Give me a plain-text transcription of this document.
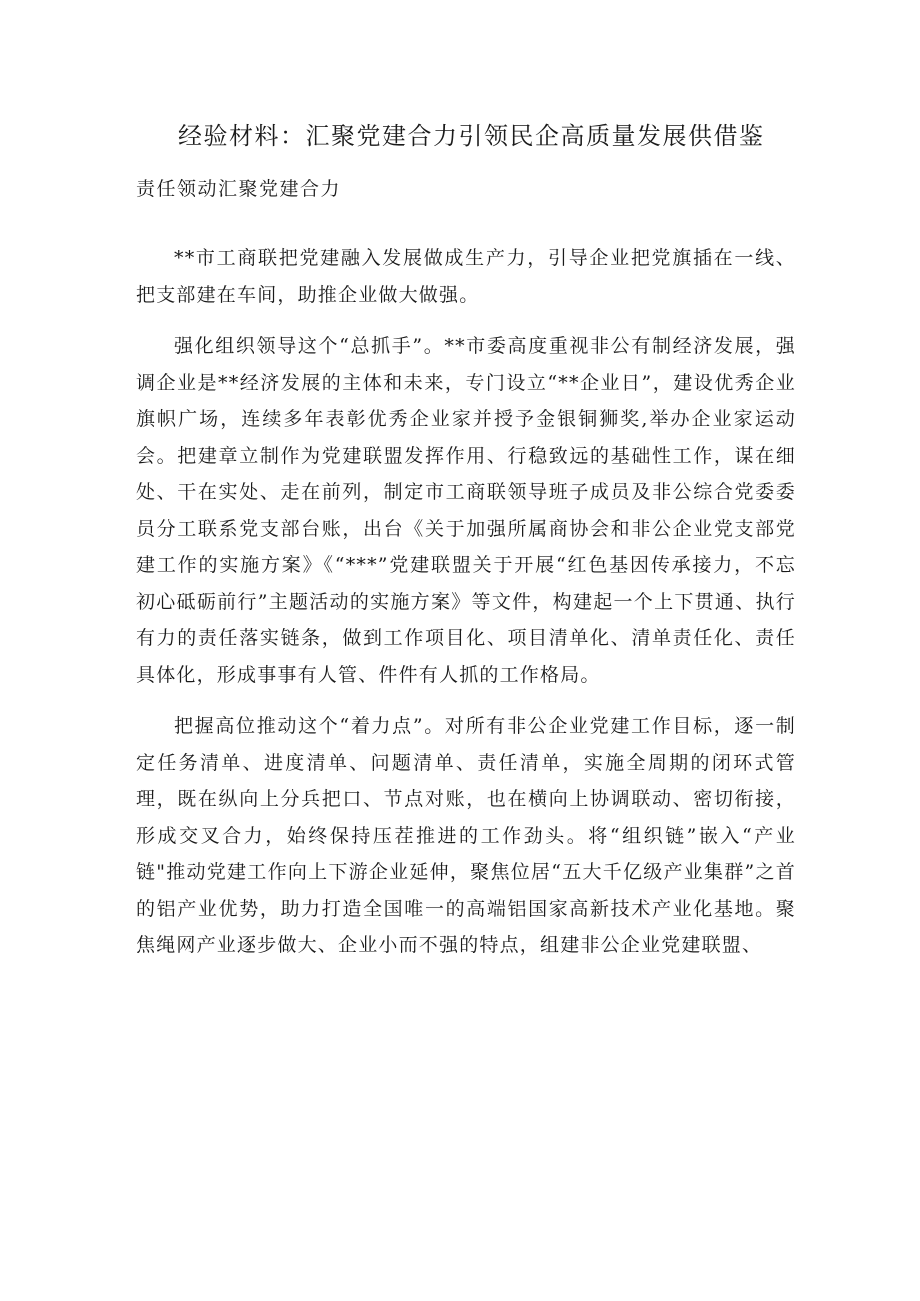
经验材料：汇聚党建合力引领民企高质量发展供借鉴

责任领动汇聚党建合力

**市工商联把党建融入发展做成生产力，引导企业把党旗插在一线、把支部建在车间，助推企业做大做强。

强化组织领导这个“总抓手”。**市委高度重视非公有制经济发展，强调企业是**经济发展的主体和未来，专门设立“**企业日”，建设优秀企业旗帜广场，连续多年表彰优秀企业家并授予金银铜狮奖,举办企业家运动会。把建章立制作为党建联盟发挥作用、行稳致远的基础性工作，谋在细处、干在实处、走在前列，制定市工商联领导班子成员及非公综合党委委员分工联系党支部台账，出台《关于加强所属商协会和非公企业党支部党建工作的实施方案》《“***”党建联盟关于开展“红色基因传承接力，不忘初心砥砺前行”主题活动的实施方案》等文件，构建起一个上下贯通、执行有力的责任落实链条，做到工作项目化、项目清单化、清单责任化、责任具体化，形成事事有人管、件件有人抓的工作格局。

把握高位推动这个“着力点”。对所有非公企业党建工作目标，逐一制定任务清单、进度清单、问题清单、责任清单，实施全周期的闭环式管理，既在纵向上分兵把口、节点对账，也在横向上协调联动、密切衔接，形成交叉合力，始终保持压茬推进的工作劲头。将“组织链”嵌入“产业链"推动党建工作向上下游企业延伸，聚焦位居“五大千亿级产业集群”之首的铝产业优势，助力打造全国唯一的高端铝国家高新技术产业化基地。聚焦绳网产业逐步做大、企业小而不强的特点，组建非公企业党建联盟、
